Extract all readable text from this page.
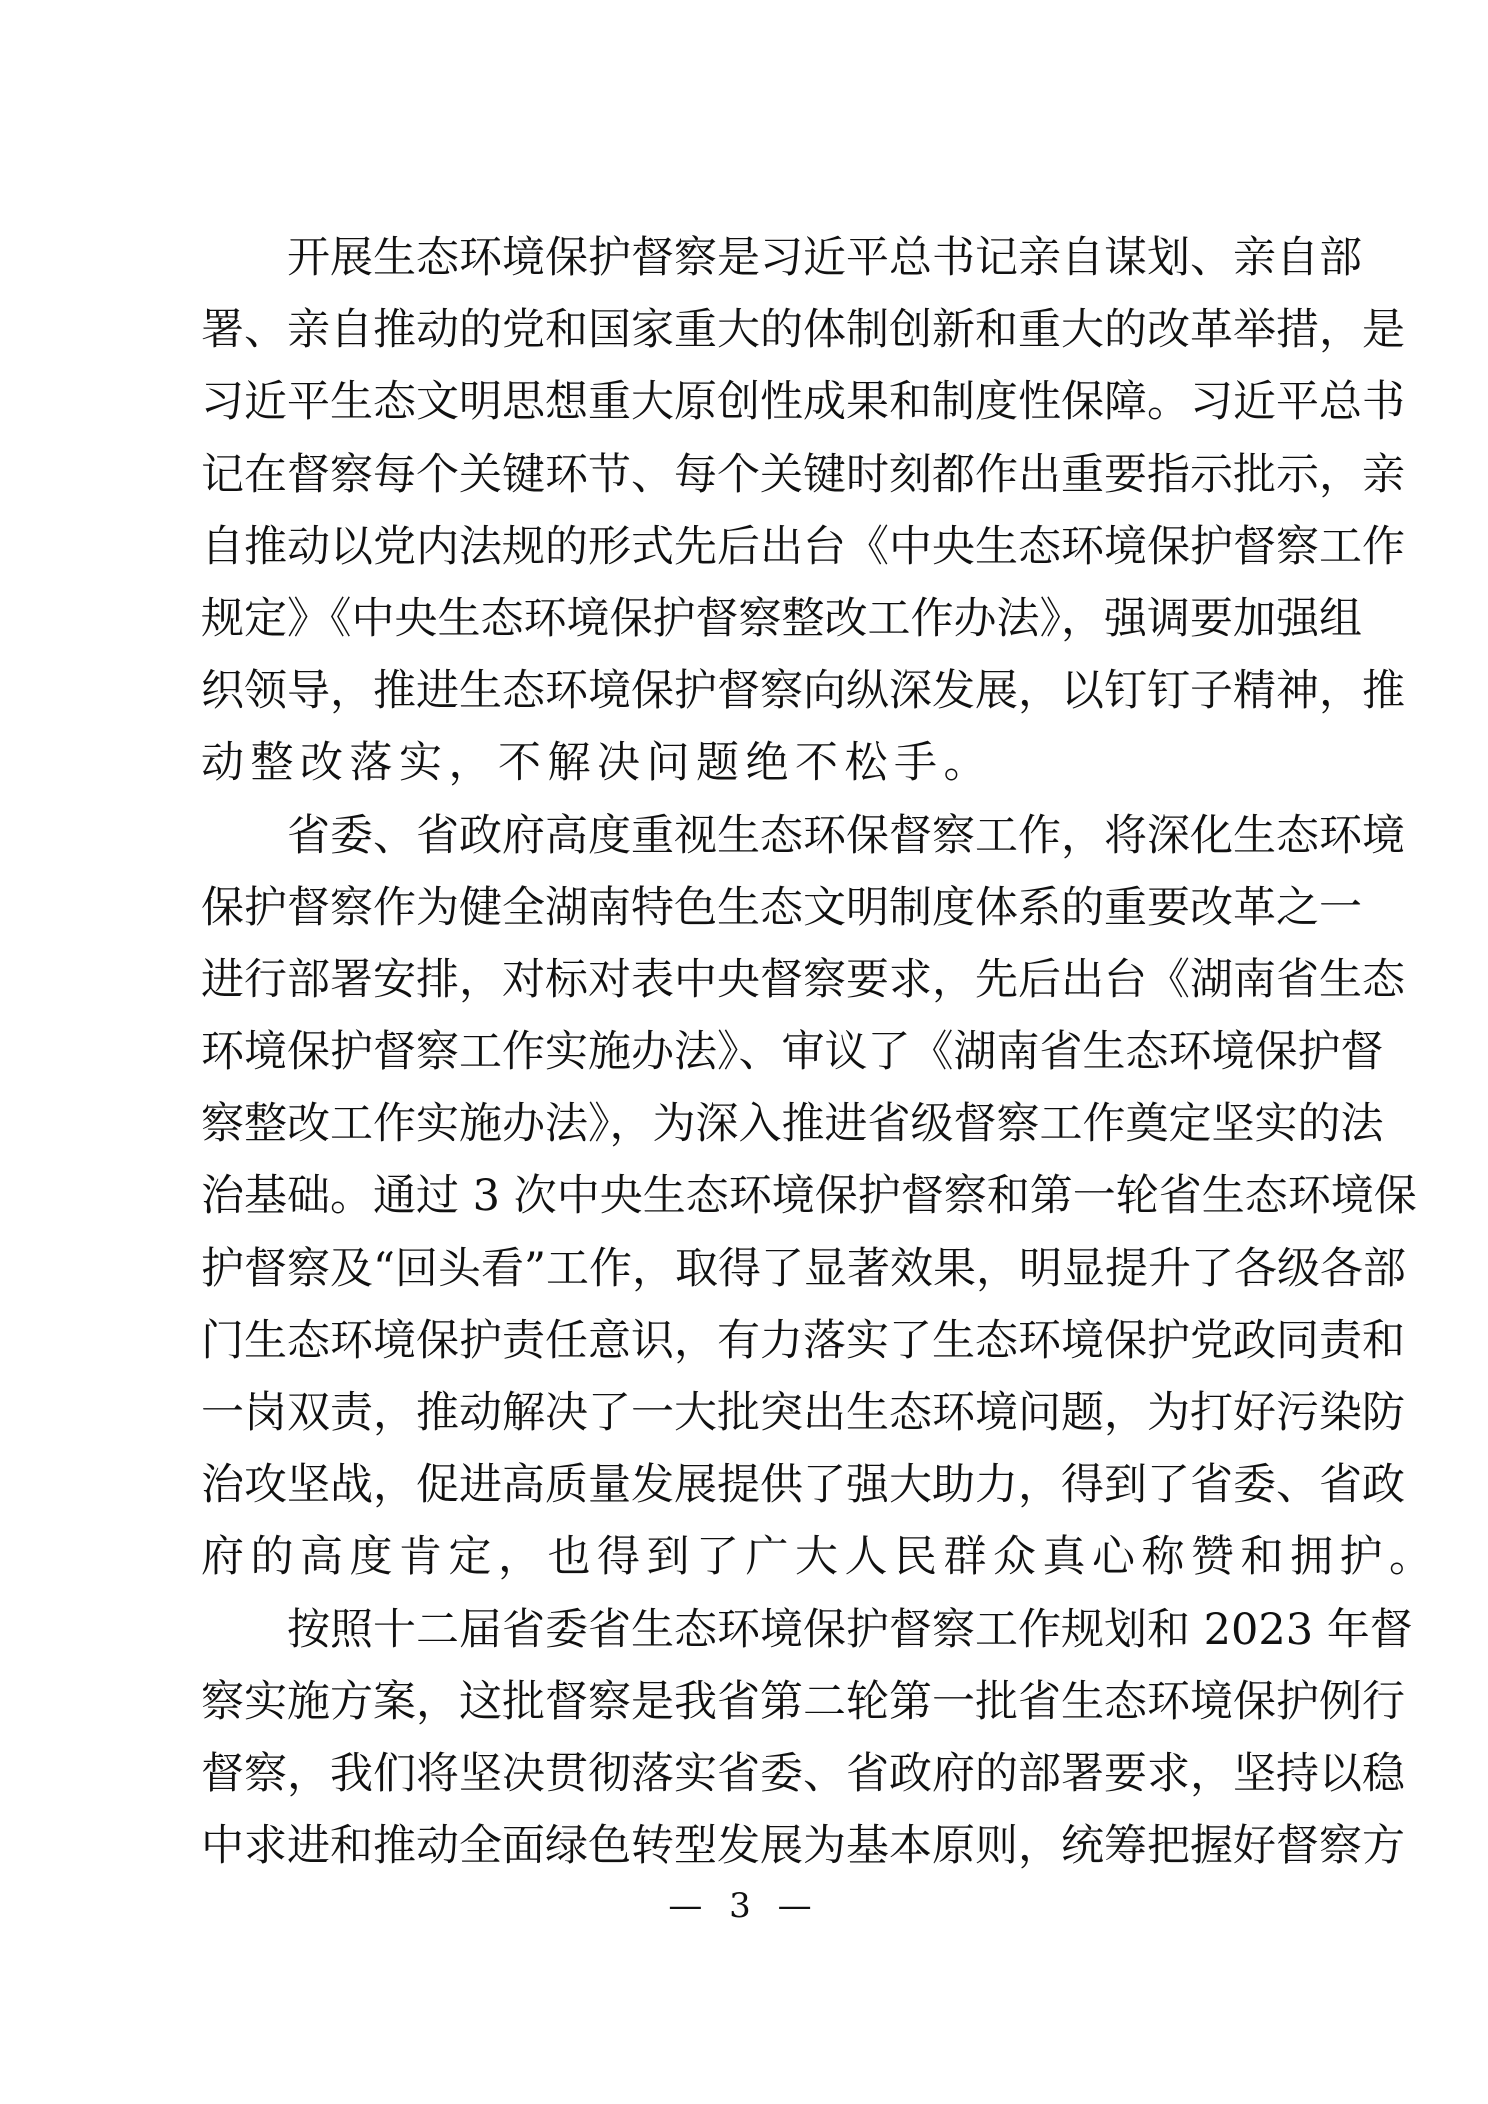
开展生态环境保护督察是习近平总书记亲自谋划、亲自部
署、亲自推动的党和国家重大的体制创新和重大的改革举措，是
习近平生态文明思想重大原创性成果和制度性保障。习近平总书
记在督察每个关键环节、每个关键时刻都作出重要指示批示，亲
自推动以党内法规的形式先后出台《中央生态环境保护督察工作
规定》《中央生态环境保护督察整改工作办法》，强调要加强组
织领导，推进生态环境保护督察向纵深发展，以钉钉子精神，推
动整改落实，不解决问题绝不松手。
省委、省政府高度重视生态环保督察工作，将深化生态环境
保护督察作为健全湖南特色生态文明制度体系的重要改革之一
进行部署安排，对标对表中央督察要求，先后出台《湖南省生态
环境保护督察工作实施办法》、审议了《湖南省生态环境保护督
察整改工作实施办法》，为深入推进省级督察工作奠定坚实的法
治基础。通过 3 次中央生态环境保护督察和第一轮省生态环境保
护督察及“回头看”工作，取得了显著效果，明显提升了各级各部
门生态环境保护责任意识，有力落实了生态环境保护党政同责和
一岗双责，推动解决了一大批突出生态环境问题，为打好污染防
治攻坚战，促进高质量发展提供了强大助力，得到了省委、省政
府的高度肯定，也得到了广大人民群众真心称赞和拥护。
按照十二届省委省生态环境保护督察工作规划和 2023 年督
察实施方案，这批督察是我省第二轮第一批省生态环境保护例行
督察，我们将坚决贯彻落实省委、省政府的部署要求，坚持以稳
中求进和推动全面绿色转型发展为基本原则，统筹把握好督察方
— 3 —
